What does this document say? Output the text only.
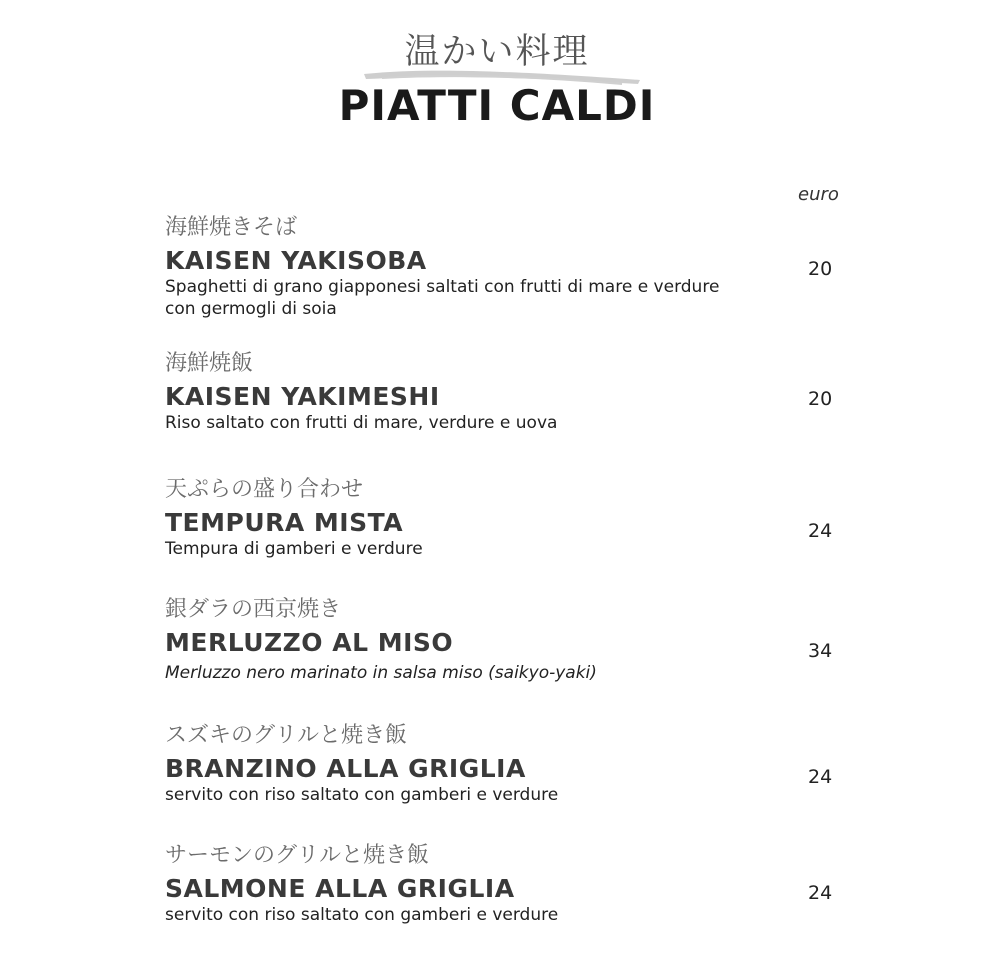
温かい料理
PIATTI CALDI
euro
海鮮焼きそば
KAISEN YAKISOBA
Spaghetti di grano giapponesi saltati con frutti di mare e verdure con germogli di soia
20
海鮮焼飯
KAISEN YAKIMESHI
Riso saltato con frutti di mare, verdure e uova
20
天ぷらの盛り合わせ
TEMPURA MISTA
Tempura di gamberi e verdure
24
銀ダラの西京焼き
MERLUZZO AL MISO
Merluzzo nero marinato in salsa miso (saikyo-yaki)
34
スズキのグリルと焼き飯
BRANZINO ALLA GRIGLIA
servito con riso saltato con gamberi e verdure
24
サーモンのグリルと焼き飯
SALMONE ALLA GRIGLIA
servito con riso saltato con gamberi e verdure
24
